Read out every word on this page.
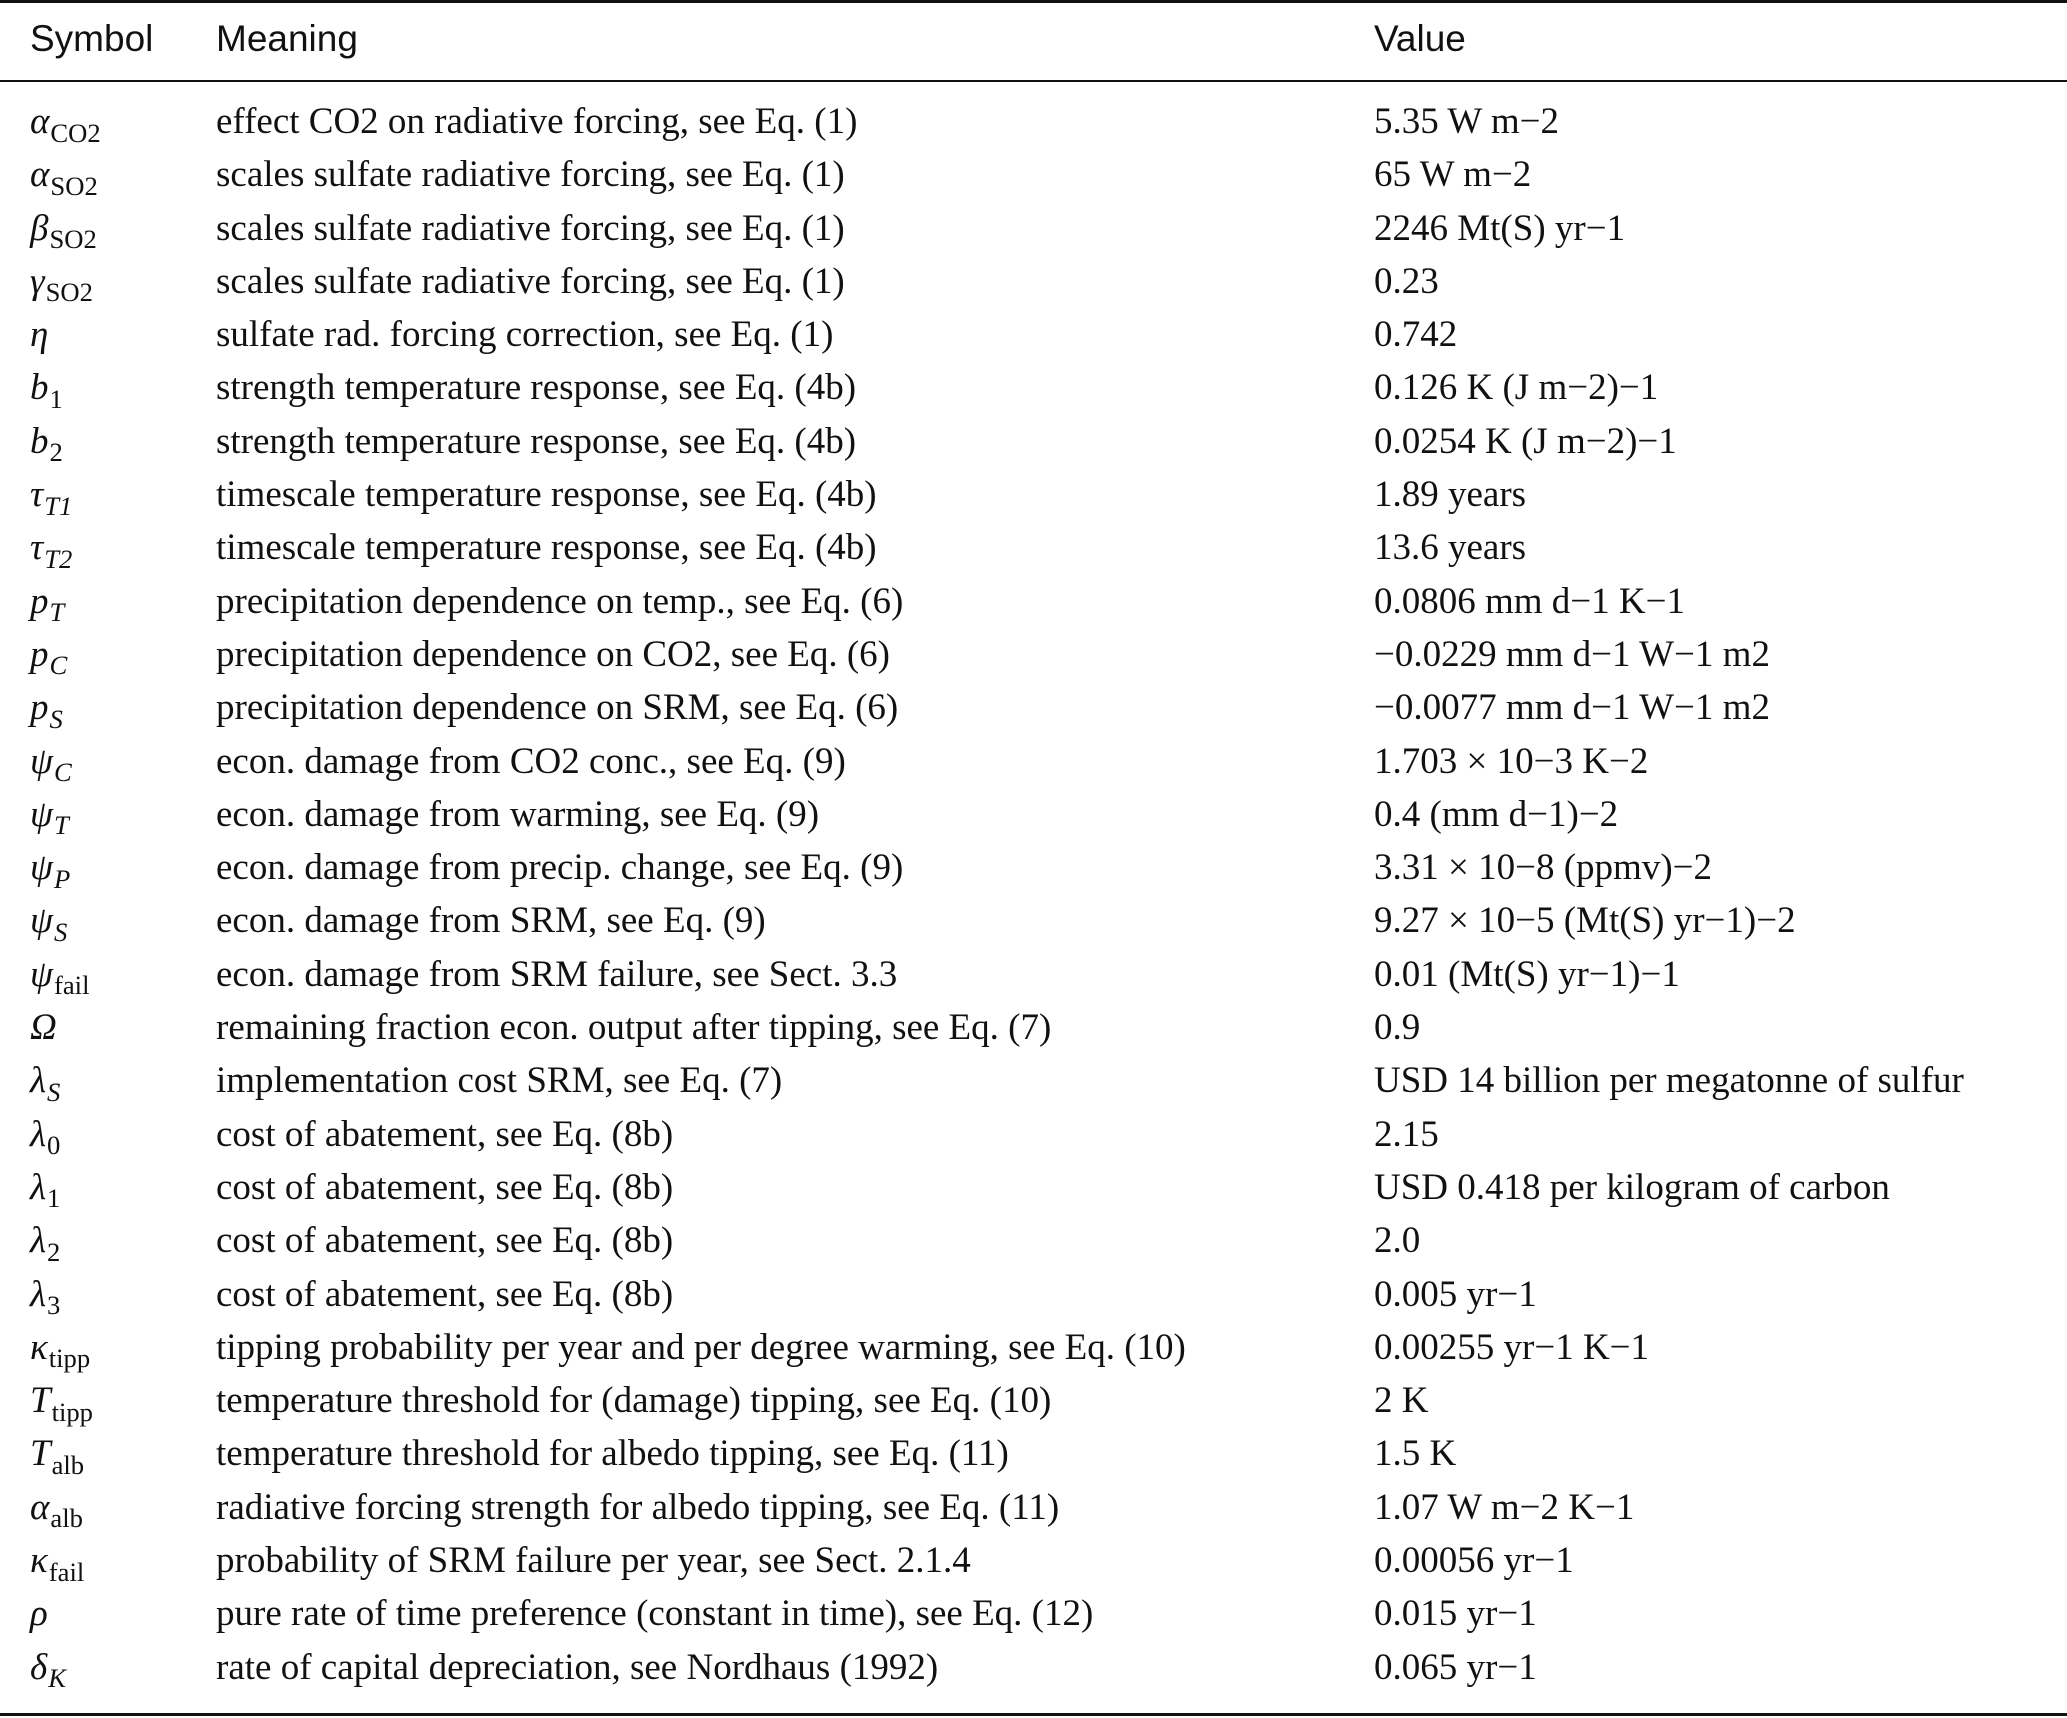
Symbol Meaning	Value
$\alpha_{CO2}$	effect CO2 on radiative forcing, see Eq. (1)	5.35 W m−2
$\alpha_{SO2}$	scales sulfate radiative forcing, see Eq. (1)	65 W m−2
$\beta_{SO2}$	scales sulfate radiative forcing, see Eq. (1)	2246 Mt(S) yr−1
$\gamma_{SO2}$	scales sulfate radiative forcing, see Eq. (1)	0.23
η	sulfate rad. forcing correction, see Eq. (1)	0.742
$b_1$	strength temperature response, see Eq. (4b)	0.126 K (J m−2)−1
$b_2$	strength temperature response, see Eq. (4b)	0.0254 K (J m−2)−1
$\tau_{T1}$	timescale temperature response, see Eq. (4b)	1.89 years
$\tau_{T2}$	timescale temperature response, see Eq. (4b)	13.6 years
$p_T$	precipitation dependence on temp., see Eq. (6)	0.0806 mm d−1 K−1
$p_C$	precipitation dependence on CO2, see Eq. (6)	−0.0229 mm d−1 W−1 m2
$p_S$	precipitation dependence on SRM, see Eq. (6)	−0.0077 mm d−1 W−1 m2
$\psi_C$	econ. damage from CO2 conc., see Eq. (9)	1.703 × 10−3 K−2
$\psi_T$	econ. damage from warming, see Eq. (9)	0.4 (mm d−1)−2
$\psi_P$	econ. damage from precip. change, see Eq. (9)	3.31 × 10−8 (ppmv)−2
$\psi_S$	econ. damage from SRM, see Eq. (9)	9.27 × 10−5 (Mt(S) yr−1)−2
$\psi_{fail}$	econ. damage from SRM failure, see Sect. 3.3	0.01 (Mt(S) yr−1)−1
Ω	remaining fraction econ. output after tipping, see Eq. (7)	0.9
$\lambda_S$	implementation cost SRM, see Eq. (7)	USD 14 billion per megatonne of sulfur
$\lambda_0$	cost of abatement, see Eq. (8b)	2.15
$\lambda_1$	cost of abatement, see Eq. (8b)	USD 0.418 per kilogram of carbon
$\lambda_2$	cost of abatement, see Eq. (8b)	2.0
$\lambda_3$	cost of abatement, see Eq. (8b)	0.005 yr−1
$\kappa_{tipp}$	tipping probability per year and per degree warming, see Eq. (10)	0.00255 yr−1 K−1
$T_{tipp}$	temperature threshold for (damage) tipping, see Eq. (10)	2 K
$T_{alb}$	temperature threshold for albedo tipping, see Eq. (11)	1.5 K
$\alpha_{alb}$	radiative forcing strength for albedo tipping, see Eq. (11)	1.07 W m−2 K−1
$\kappa_{fail}$	probability of SRM failure per year, see Sect. 2.1.4	0.00056 yr−1
ρ	pure rate of time preference (constant in time), see Eq. (12)	0.015 yr−1
$\delta_K$	rate of capital depreciation, see Nordhaus (1992)	0.065 yr−1
